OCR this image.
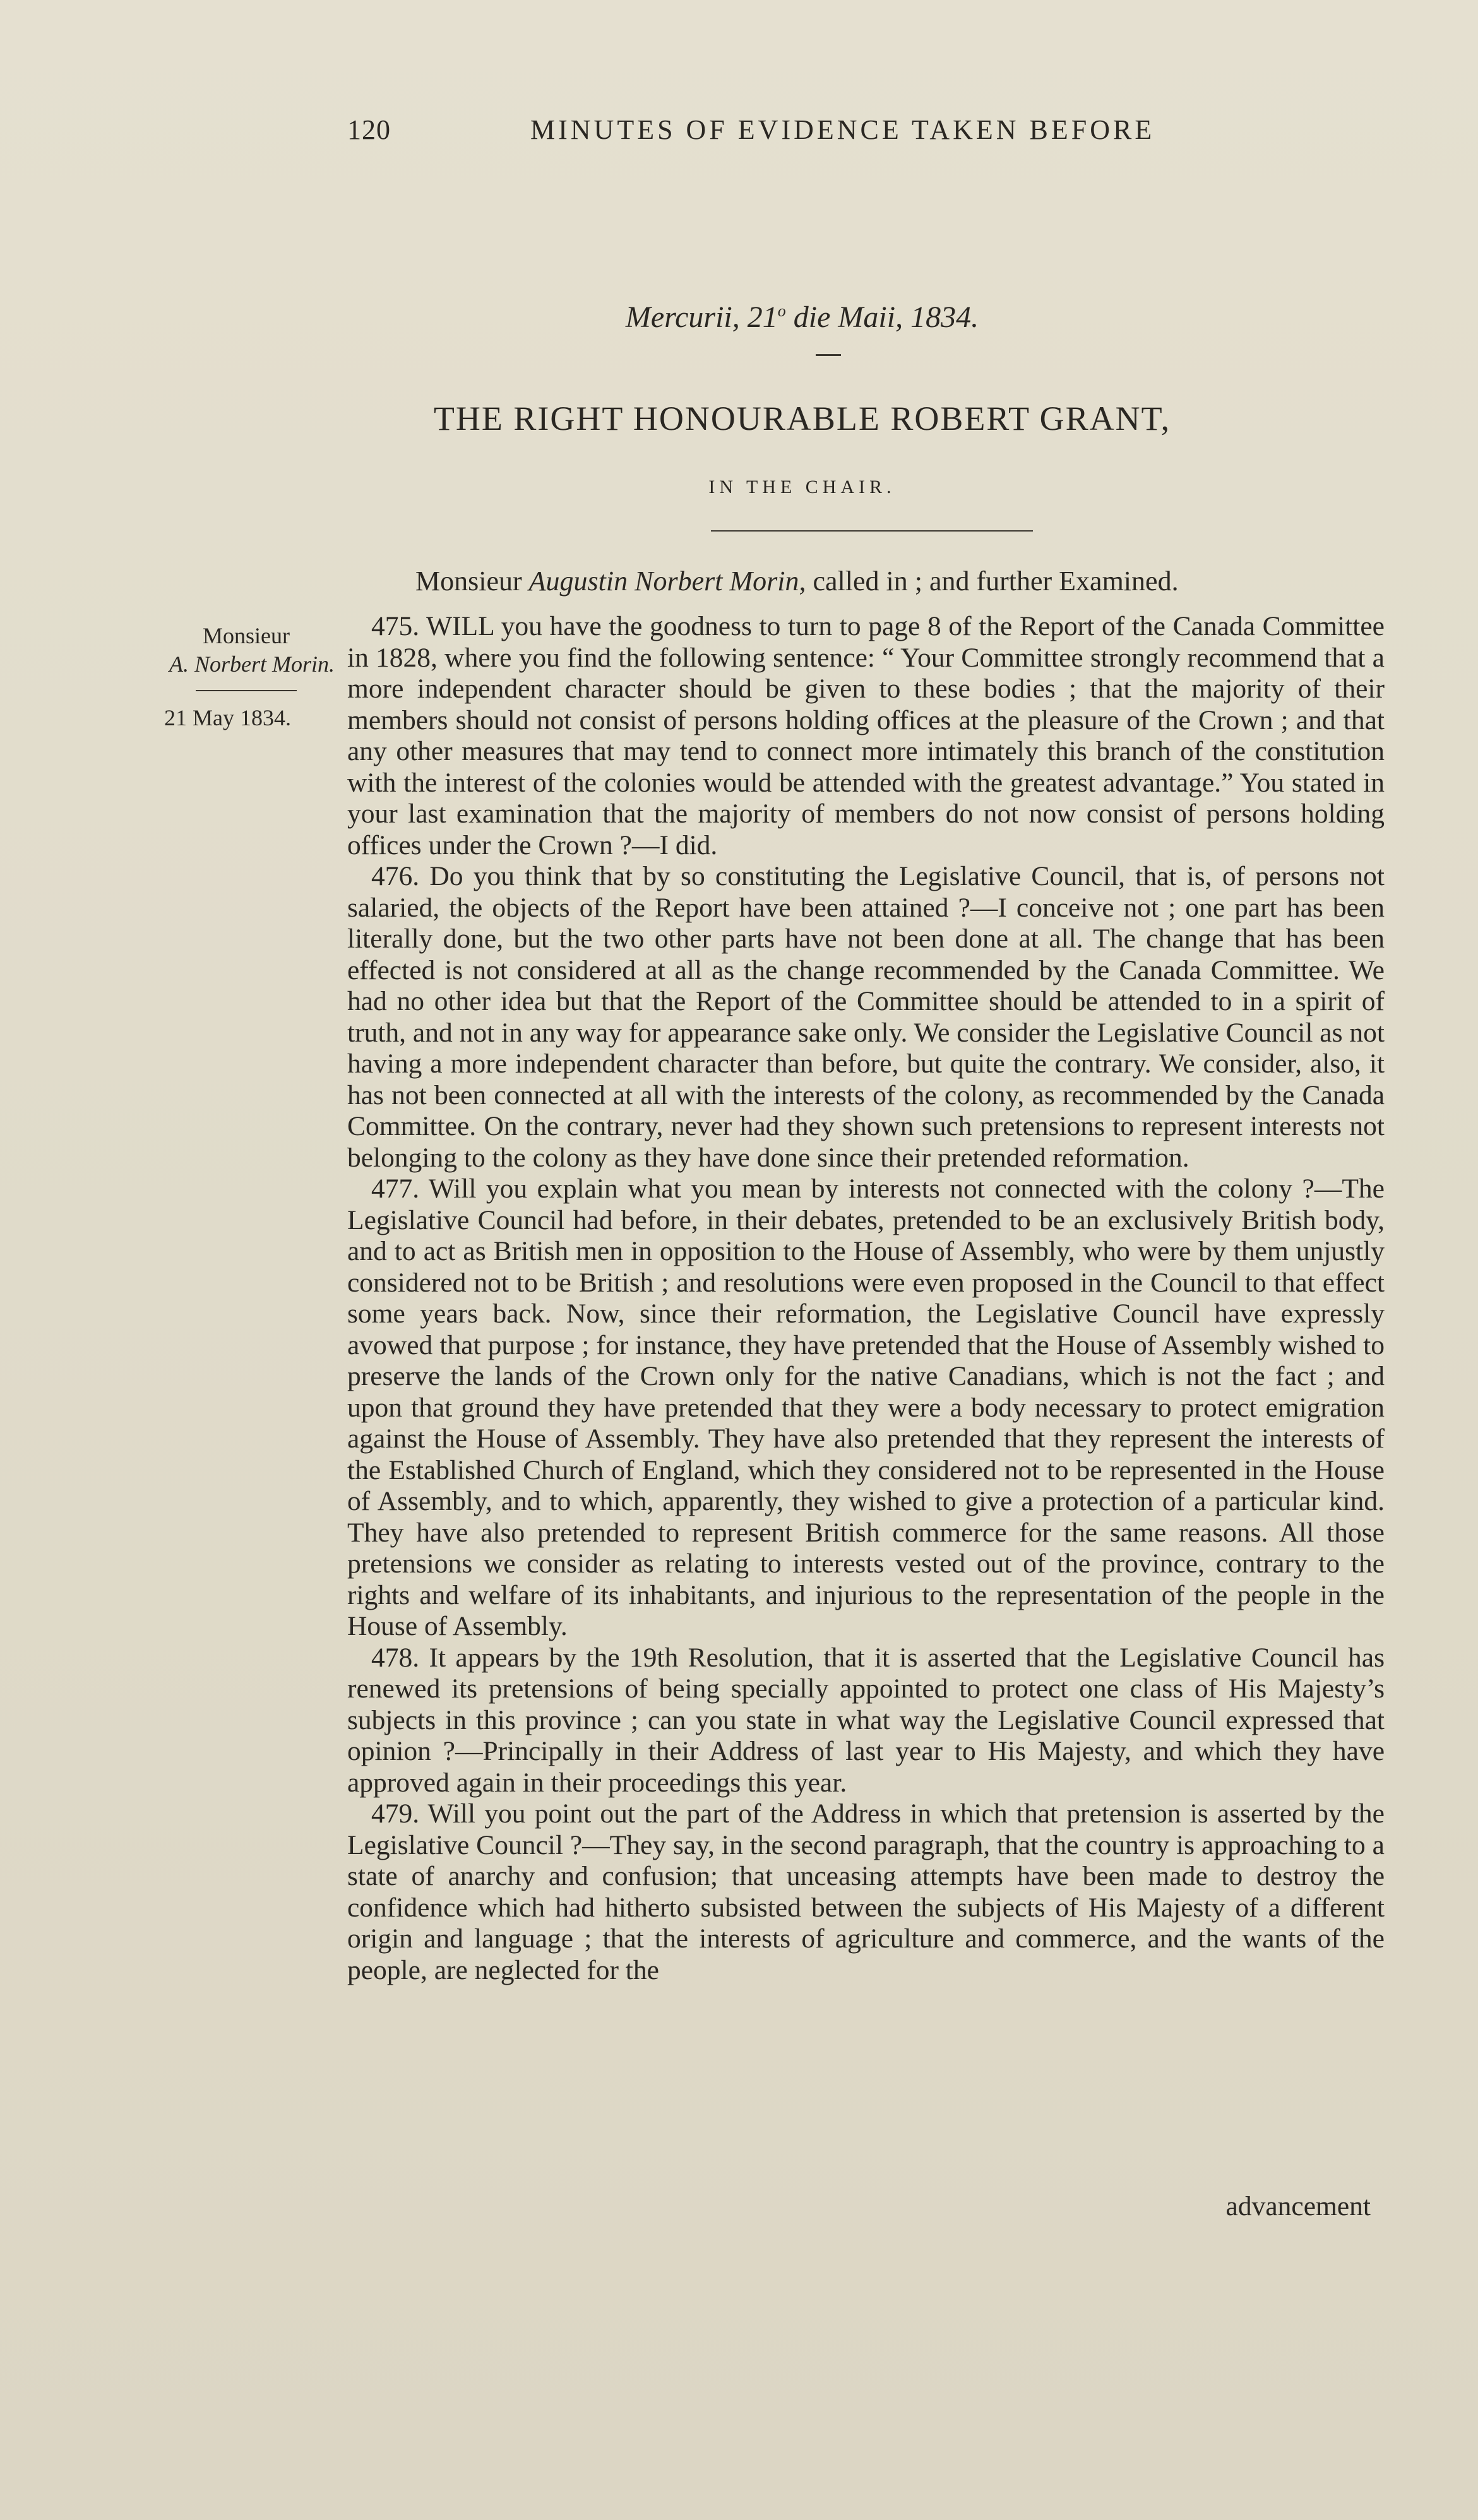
120	MINUTES OF EVIDENCE TAKEN BEFORE
Mercurii, 21$^o$ die Maii, 1834.
THE RIGHT HONOURABLE ROBERT GRANT,
IN THE CHAIR.
Monsieur Augustin Norbert Morin, called in ; and further Examined.
Monsieur
A. Norbert Morin.
21 May 1834.

475. WILL you have the goodness to turn to page 8 of the Report of the Canada Committee in 1828, where you find the following sentence: “ Your Committee strongly recommend that a more independent character should be given to these bodies ; that the majority of their members should not consist of persons holding offices at the pleasure of the Crown ; and that any other measures that may tend to connect more intimately this branch of the constitution with the interest of the colonies would be attended with the greatest advantage.” You stated in your last examination that the majority of members do not now consist of persons holding offices under the Crown ?—I did.

476. Do you think that by so constituting the Legislative Council, that is, of persons not salaried, the objects of the Report have been attained ?—I conceive not ; one part has been literally done, but the two other parts have not been done at all. The change that has been effected is not considered at all as the change recommended by the Canada Committee. We had no other idea but that the Report of the Committee should be attended to in a spirit of truth, and not in any way for appearance sake only. We consider the Legislative Council as not having a more independent character than before, but quite the contrary. We consider, also, it has not been connected at all with the interests of the colony, as recommended by the Canada Committee. On the contrary, never had they shown such pretensions to represent interests not belonging to the colony as they have done since their pretended reformation.

477. Will you explain what you mean by interests not connected with the colony ?—The Legislative Council had before, in their debates, pretended to be an exclusively British body, and to act as British men in opposition to the House of Assembly, who were by them unjustly considered not to be British ; and resolutions were even proposed in the Council to that effect some years back. Now, since their reformation, the Legislative Council have expressly avowed that purpose ; for instance, they have pretended that the House of Assembly wished to preserve the lands of the Crown only for the native Canadians, which is not the fact ; and upon that ground they have pretended that they were a body necessary to protect emigration against the House of Assembly. They have also pretended that they represent the interests of the Established Church of England, which they considered not to be represented in the House of Assembly, and to which, apparently, they wished to give a protection of a particular kind. They have also pretended to represent British commerce for the same reasons. All those pretensions we consider as relating to interests vested out of the province, contrary to the rights and welfare of its inhabitants, and injurious to the representation of the people in the House of Assembly.

478. It appears by the 19th Resolution, that it is asserted that the Legislative Council has renewed its pretensions of being specially appointed to protect one class of His Majesty’s subjects in this province ; can you state in what way the Legislative Council expressed that opinion ?—Principally in their Address of last year to His Majesty, and which they have approved again in their proceedings this year.

479. Will you point out the part of the Address in which that pretension is asserted by the Legislative Council ?—They say, in the second paragraph, that the country is approaching to a state of anarchy and confusion; that unceasing attempts have been made to destroy the confidence which had hitherto subsisted between the subjects of His Majesty of a different origin and language ; that the interests of agriculture and commerce, and the wants of the people, are neglected for the

advancement
